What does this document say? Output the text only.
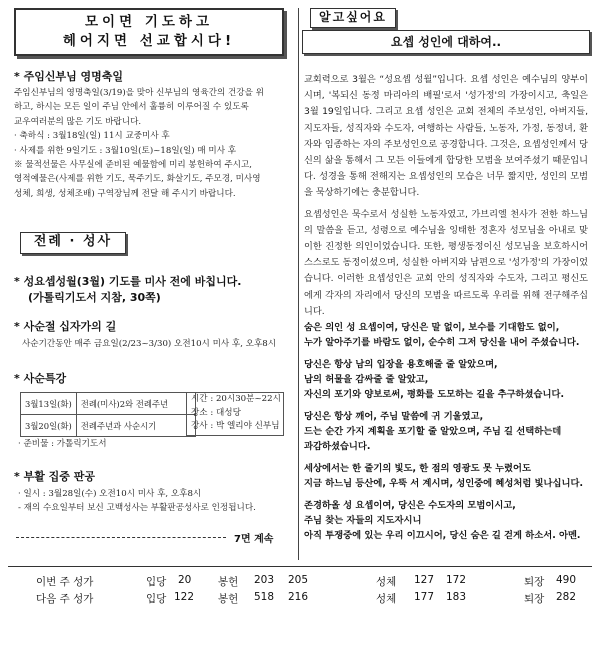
모이면 기도하고
헤어지면 선교합시다!
* 주임신부님 영명축일

주임신부님의 영명축일(3/19)을 맞아 신부님의 영육간의 건강을 위

하고, 하시는 모든 일이 주님 안에서 훌륭히 이루어질 수 있도록

교우여러분의 많은 기도 바랍니다.

· 축하식 : 3월18일(일) 11시 교중미사 후

· 사제를 위한 9일기도 : 3월10일(토)~18일(일) 매 미사 후

※ 물적선물은 사무실에 준비된 예물함에 미리 봉헌하여 주시고,

영적예물은(사제를 위한 기도, 묵주기도, 화살기도, 주모경, 미사영

성체, 희생, 성체조배) 구역장님께 전달 해 주시기 바랍니다.

전례 · 성사
* 성요셉성월(3월) 기도를 미사 전에 바칩니다.
(가톨릭기도서 지참, 30쪽)
* 사순절 십자가의 길
사순기간동안 매주 금요일(2/23~3/30) 오전10시 미사 후, 오후8시
* 사순특강
3월13일(화)	전례(미사)2와 전례주년
3월20일(화)	전례주년과 사순시기

시간 : 20시30분~22시

장소 : 대성당

강사 : 박 엘리야 신부님

· 준비물 : 가톨릭기도서
* 부활 집중 판공

· 일시 : 3월28일(수) 오전10시 미사 후, 오후8시

- 재의 수요일부터 보신 고백성사는 부활판공성사로 인정됩니다.

7면 계속
알고싶어요
요셉 성인에 대하여..

교회력으로 3월은 “성요셉 성월”입니다. 요셉 성인은 예수님의 양부이시며, '복되신 동정 마리아의 배필'로서 '성가정'의 가장이시고, 축일은 3월 19일입니다. 그리고 요셉 성인은 교회 전체의 주보성인, 아버지들, 지도자들, 성직자와 수도자, 여행하는 사람들, 노동자, 가정, 동정녀, 환자와 임종하는 자의 주보성인으로 공경합니다. 그것은, 요셉성인께서 당신의 삶을 통해서 그 모든 이들에게 합당한 모범을 보여주셨기 때문입니다. 성경을 통해 전해지는 요셉성인의 모습은 너무 짧지만, 성인의 모범을 묵상하기에는 충분합니다.

요셉성인은 묵수로서 성실한 노동자였고, 가브리엘 천사가 전한 하느님의 말씀을 듣고, 성령으로 예수님을 잉태한 정혼자 성모님을 아내로 맞이한 진정한 의인이었습니다. 또한, 평생동정이신 성모님을 보호하시어 스스로도 동정이셨으며, 성실한 아버지와 남편으로 '성가정'의 가장이었습니다. 이러한 요셉성인은 교회 안의 성직자와 수도자, 그리고 평신도에게 각자의 자리에서 당신의 모범을 따르도록 우리를 위해 전구해주십니다.

숨은 의인 성 요셉이여, 당신은 말 없이, 보수를 기대함도 없이,
누가 알아주기를 바람도 없이, 순수히 그저 당신을 내어 주셨습니다.

당신은 항상 남의 입장을 용호해줄 줄 알았으며,
남의 허물을 감싸줄 줄 알았고,
자신의 포기와 양보로써, 평화를 도모하는 길을 추구하셨습니다.

당신은 항상 깨어, 주님 말씀에 귀 기울였고,
드는 순간 가지 계획을 포기할 줄 알았으며, 주님 길 선택하는데
과감하셨습니다.

세상에서는 한 줄기의 빛도, 한 점의 영광도 못 누렸어도
지금 하느님 등산에, 우뚝 서 계시며, 성인중에 혜성처럼 빛나십니다.

존경하올 성 요셉이여, 당신은 수도자의 모범이시고,
주님 찾는 자들의 지도자시니
아직 투쟁중에 있는 우리 이끄시어, 당신 숨은 길 걷게 하소서. 아멘.

이번 주 성가	입당 20	봉헌 203 205	성체 127 172	퇴장 490
다음 주 성가	입당 122 봉헌 518 216	성체 177 183	퇴장 282
